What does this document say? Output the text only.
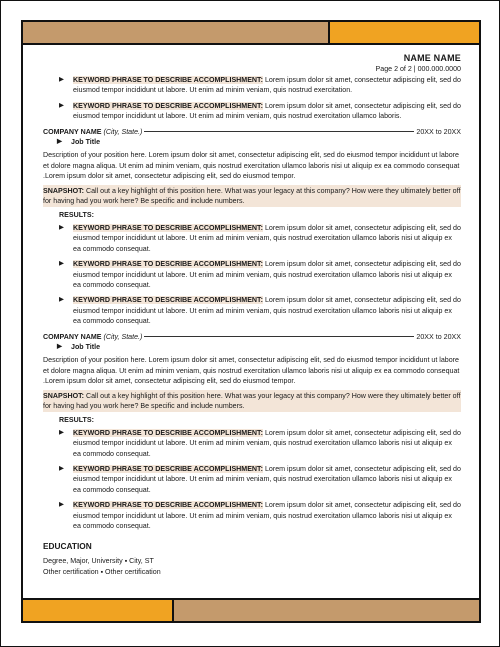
NAME NAME
Page 2 of 2 | 000.000.0000
▶ KEYWORD PHRASE TO DESCRIBE ACCOMPLISHMENT: Lorem ipsum dolor sit amet, consectetur adipiscing elit, sed do eiusmod tempor incididunt ut labore. Ut enim ad minim veniam, quis nostrud exercitation.
▶ KEYWORD PHRASE TO DESCRIBE ACCOMPLISHMENT: Lorem ipsum dolor sit amet, consectetur adipiscing elit, sed do eiusmod tempor incididunt ut labore. Ut enim ad minim veniam, quis nostrud exercitation ullamco laboris.
COMPANY NAME (City, State.)	20XX to 20XX
▶ Job Title
Description of your position here. Lorem ipsum dolor sit amet, consectetur adipiscing elit, sed do eiusmod tempor incididunt ut labore et dolore magna aliqua. Ut enim ad minim veniam, quis nostrud exercitation ullamco laboris nisi ut aliquip ex ea commodo consequat .Lorem ipsum dolor sit amet, consectetur adipiscing elit, sed do eiusmod tempor.
SNAPSHOT: Call out a key highlight of this position here. What was your legacy at this company? How were they ultimately better off for having had you work here? Be specific and include numbers.
RESULTS:
▶ KEYWORD PHRASE TO DESCRIBE ACCOMPLISHMENT: Lorem ipsum dolor sit amet, consectetur adipiscing elit, sed do eiusmod tempor incididunt ut labore. Ut enim ad minim veniam, quis nostrud exercitation ullamco laboris nisi ut aliquip ex ea commodo consequat.
▶ KEYWORD PHRASE TO DESCRIBE ACCOMPLISHMENT: Lorem ipsum dolor sit amet, consectetur adipiscing elit, sed do eiusmod tempor incididunt ut labore. Ut enim ad minim veniam, quis nostrud exercitation ullamco laboris nisi ut aliquip ex ea commodo consequat.
▶ KEYWORD PHRASE TO DESCRIBE ACCOMPLISHMENT: Lorem ipsum dolor sit amet, consectetur adipiscing elit, sed do eiusmod tempor incididunt ut labore. Ut enim ad minim veniam, quis nostrud exercitation ullamco laboris nisi ut aliquip ex ea commodo consequat.
COMPANY NAME (City, State.)	20XX to 20XX
▶ Job Title
Description of your position here. Lorem ipsum dolor sit amet, consectetur adipiscing elit, sed do eiusmod tempor incididunt ut labore et dolore magna aliqua. Ut enim ad minim veniam, quis nostrud exercitation ullamco laboris nisi ut aliquip ex ea commodo consequat .Lorem ipsum dolor sit amet, consectetur adipiscing elit, sed do eiusmod tempor.
SNAPSHOT: Call out a key highlight of this position here. What was your legacy at this company? How were they ultimately better off for having had you work here? Be specific and include numbers.
RESULTS:
▶ KEYWORD PHRASE TO DESCRIBE ACCOMPLISHMENT: Lorem ipsum dolor sit amet, consectetur adipiscing elit, sed do eiusmod tempor incididunt ut labore. Ut enim ad minim veniam, quis nostrud exercitation ullamco laboris nisi ut aliquip ex ea commodo consequat.
▶ KEYWORD PHRASE TO DESCRIBE ACCOMPLISHMENT: Lorem ipsum dolor sit amet, consectetur adipiscing elit, sed do eiusmod tempor incididunt ut labore. Ut enim ad minim veniam, quis nostrud exercitation ullamco laboris nisi ut aliquip ex ea commodo consequat.
▶ KEYWORD PHRASE TO DESCRIBE ACCOMPLISHMENT: Lorem ipsum dolor sit amet, consectetur adipiscing elit, sed do eiusmod tempor incididunt ut labore. Ut enim ad minim veniam, quis nostrud exercitation ullamco laboris nisi ut aliquip ex ea commodo consequat.
EDUCATION
Degree, Major, University ▪ City, ST
Other certification ▪ Other certification
